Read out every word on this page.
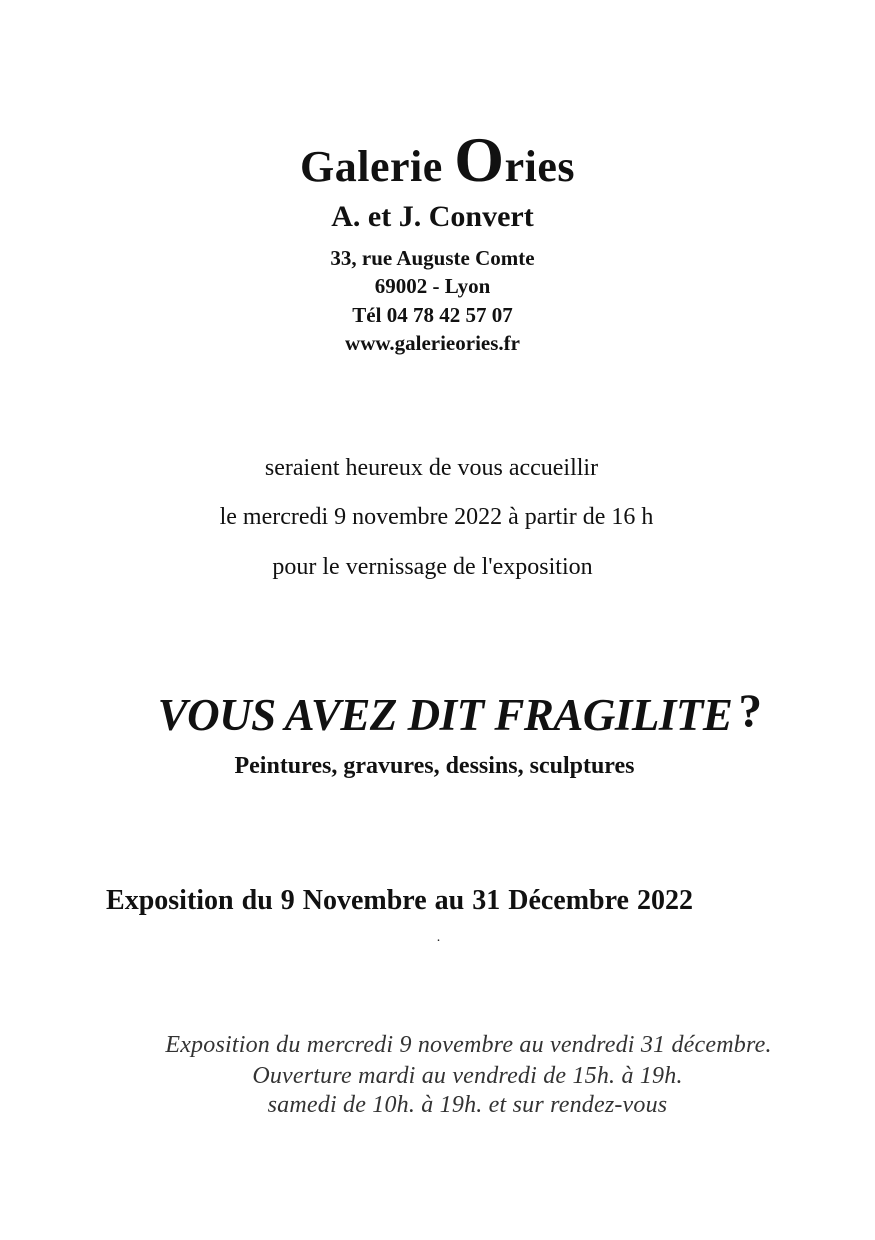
Galerie Ories
A. et J. Convert
33, rue Auguste Comte
69002 - Lyon
Tél 04 78 42 57 07
www.galerieories.fr
seraient heureux de vous accueillir
le mercredi 9 novembre 2022 à partir de 16 h
pour le vernissage de l'exposition
VOUS AVEZ DIT FRAGILITE ?
Peintures, gravures, dessins, sculptures
Exposition du 9 Novembre au 31 Décembre 2022
.
Exposition du mercredi 9 novembre au vendredi 31 décembre.
Ouverture mardi au vendredi de 15h. à 19h.
samedi de 10h. à 19h. et sur rendez-vous
